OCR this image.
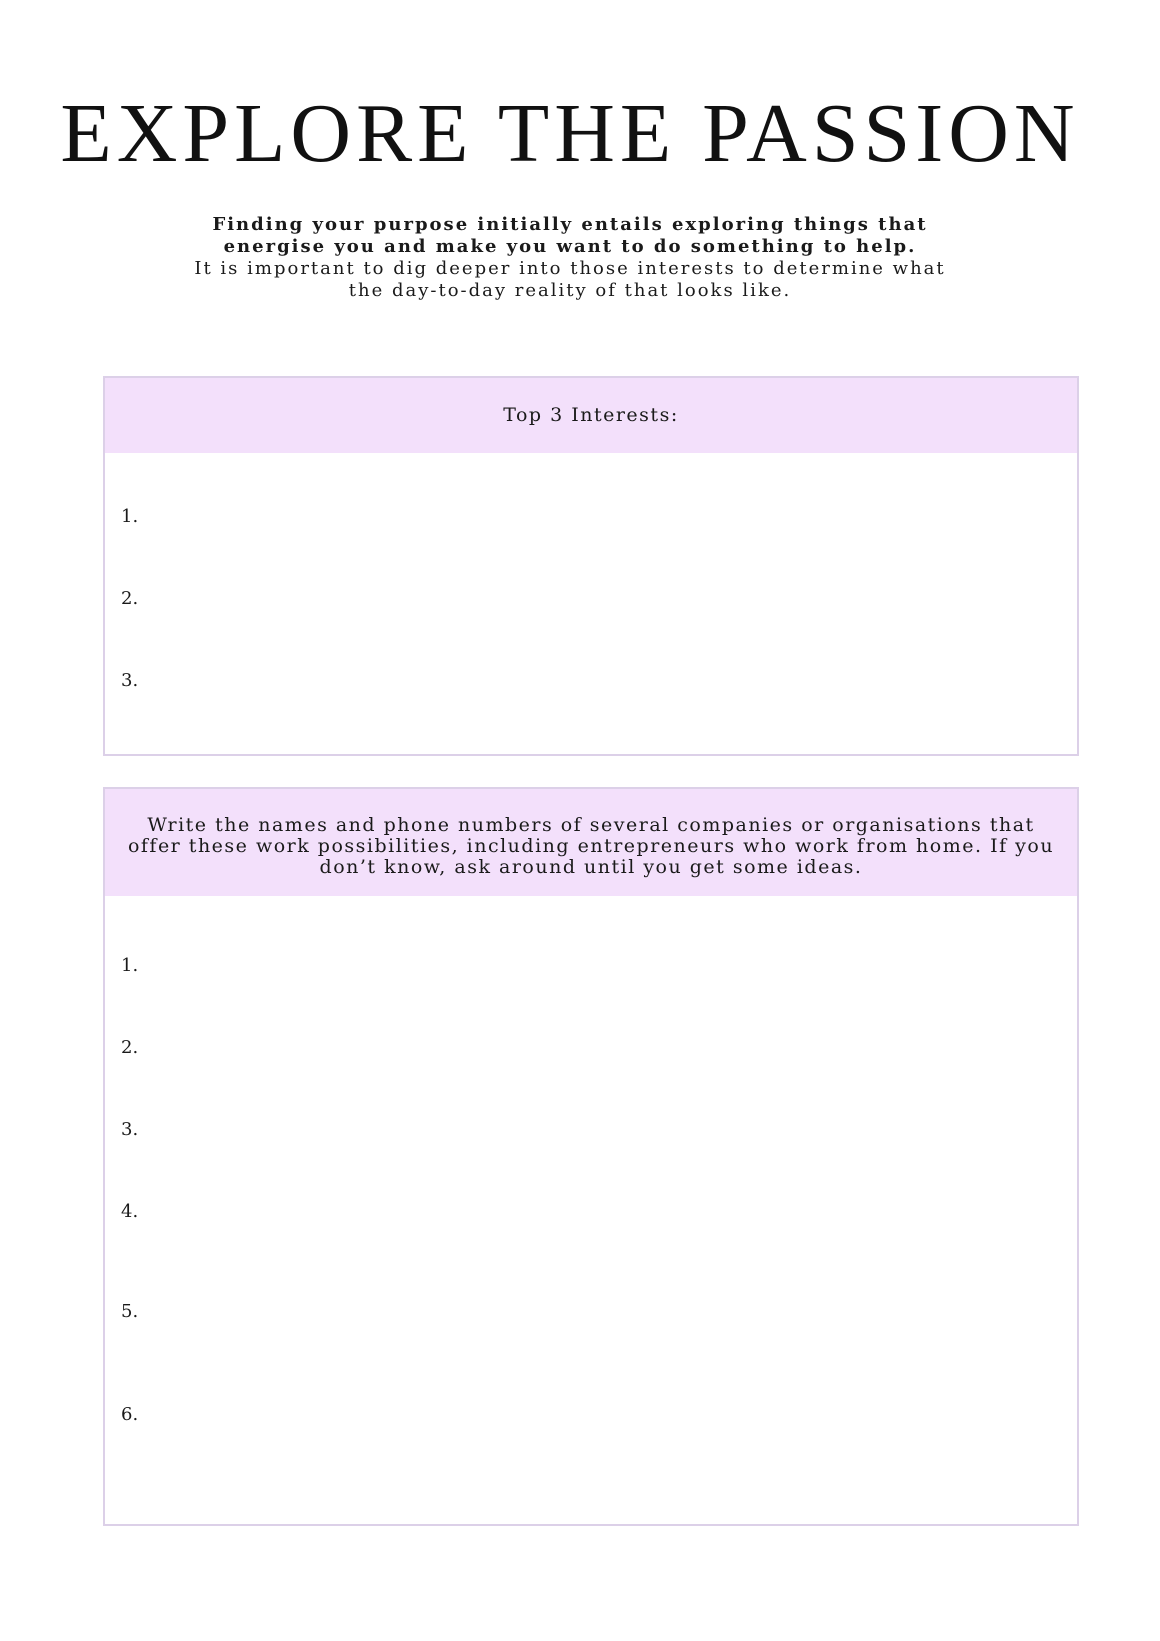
EXPLORE THE PASSION
Finding your purpose initially entails exploring things that
energise you and make you want to do something to help.
It is important to dig deeper into those interests to determine what
the day-to-day reality of that looks like.
Top 3 Interests:
1.
2.
3.
Write the names and phone numbers of several companies or organisations that offer these work possibilities, including entrepreneurs who work from home. If you don’t know, ask around until you get some ideas.
1.
2.
3.
4.
5.
6.
